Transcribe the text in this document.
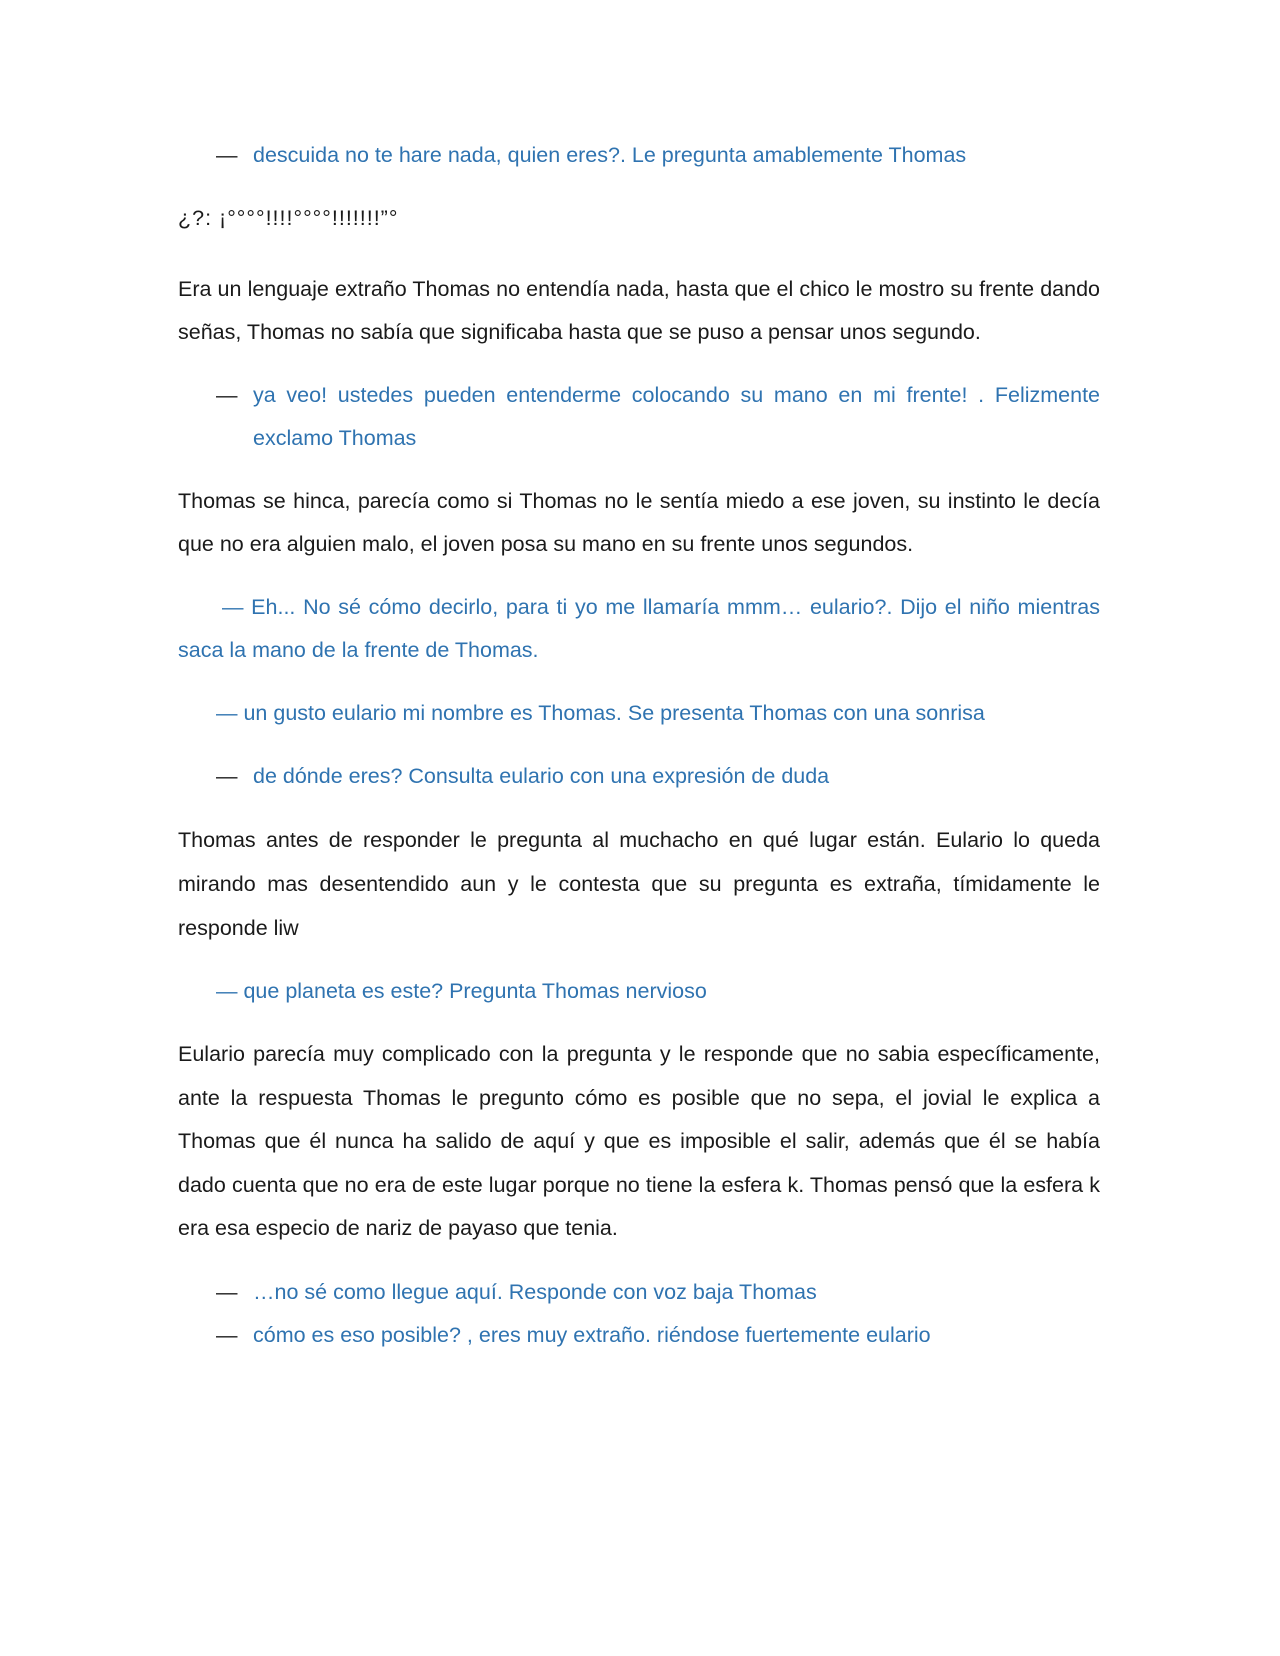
— descuida no te hare nada, quien eres?. Le pregunta amablemente Thomas

¿?: ¡°°°°!!!!°°°°!!!!!!!”°

Era un lenguaje extraño Thomas no entendía nada, hasta que el chico le mostro su frente dando señas, Thomas no sabía que significaba hasta que se puso a pensar unos segundo.

— ya veo! ustedes pueden entenderme colocando su mano en mi frente! . Felizmente exclamo Thomas

Thomas se hinca, parecía como si Thomas no le sentía miedo a ese joven, su instinto le decía que no era alguien malo, el joven posa su mano en su frente unos segundos.

— Eh... No sé cómo decirlo, para ti yo me llamaría mmm… eulario?. Dijo el niño mientras saca la mano de la frente de Thomas.

— un gusto eulario mi nombre es Thomas. Se presenta Thomas con una sonrisa

— de dónde eres? Consulta eulario con una expresión de duda

Thomas antes de responder le pregunta al muchacho en qué lugar están. Eulario lo queda mirando mas desentendido aun y le contesta que su pregunta es extraña, tímidamente le responde liw

— que planeta es este? Pregunta Thomas nervioso

Eulario parecía muy complicado con la pregunta y le responde que no sabia específicamente, ante la respuesta Thomas le pregunto cómo es posible que no sepa, el jovial le explica a Thomas que él nunca ha salido de aquí y que es imposible el salir, además que él se había dado cuenta que no era de este lugar porque no tiene la esfera k. Thomas pensó que la esfera k era esa especio de nariz de payaso que tenia.

— …no sé como llegue aquí. Responde con voz baja Thomas

— cómo es eso posible? , eres muy extraño. riéndose fuertemente eulario
